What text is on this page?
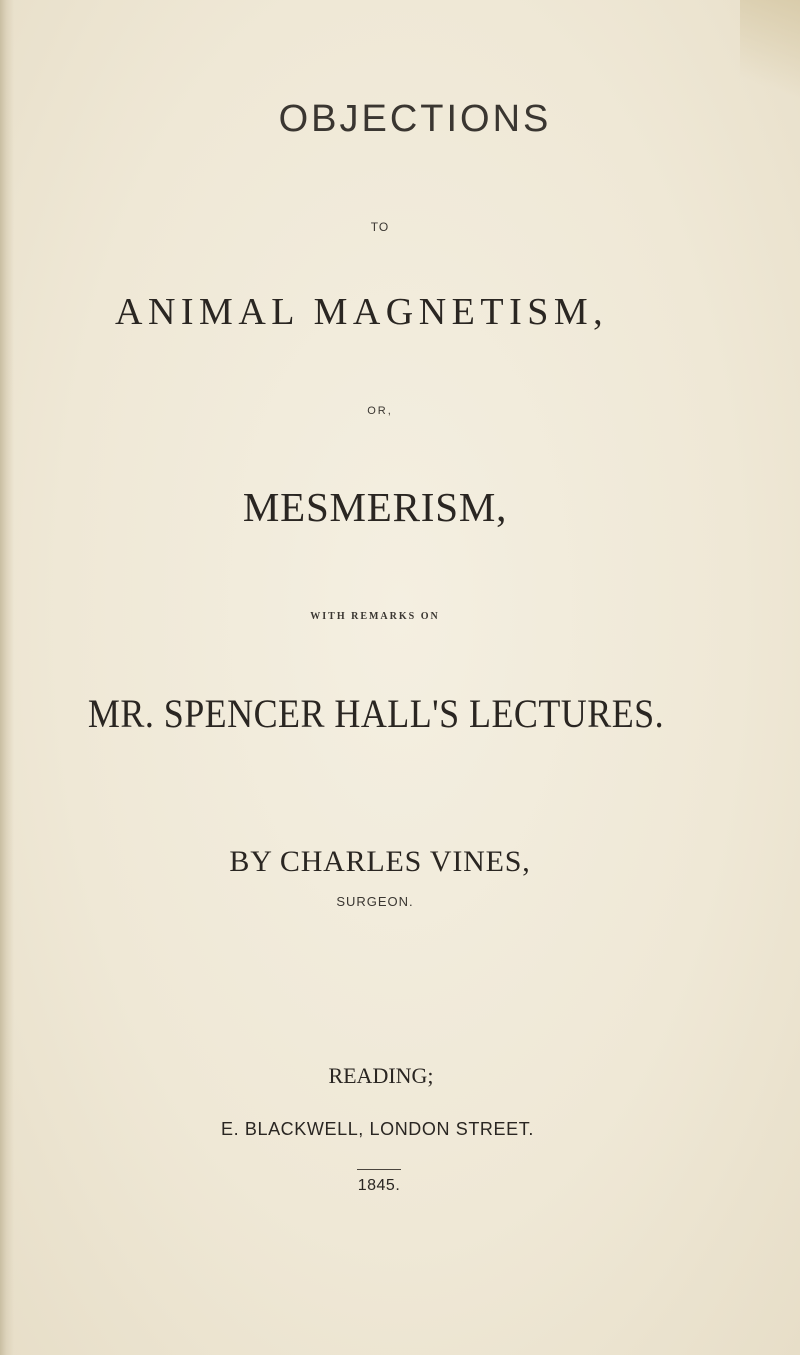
OBJECTIONS
TO
ANIMAL MAGNETISM,
OR,
MESMERISM,
WITH REMARKS ON
MR. SPENCER HALL'S LECTURES.
BY CHARLES VINES,
SURGEON.
READING;
E. BLACKWELL, LONDON STREET.
1845.
